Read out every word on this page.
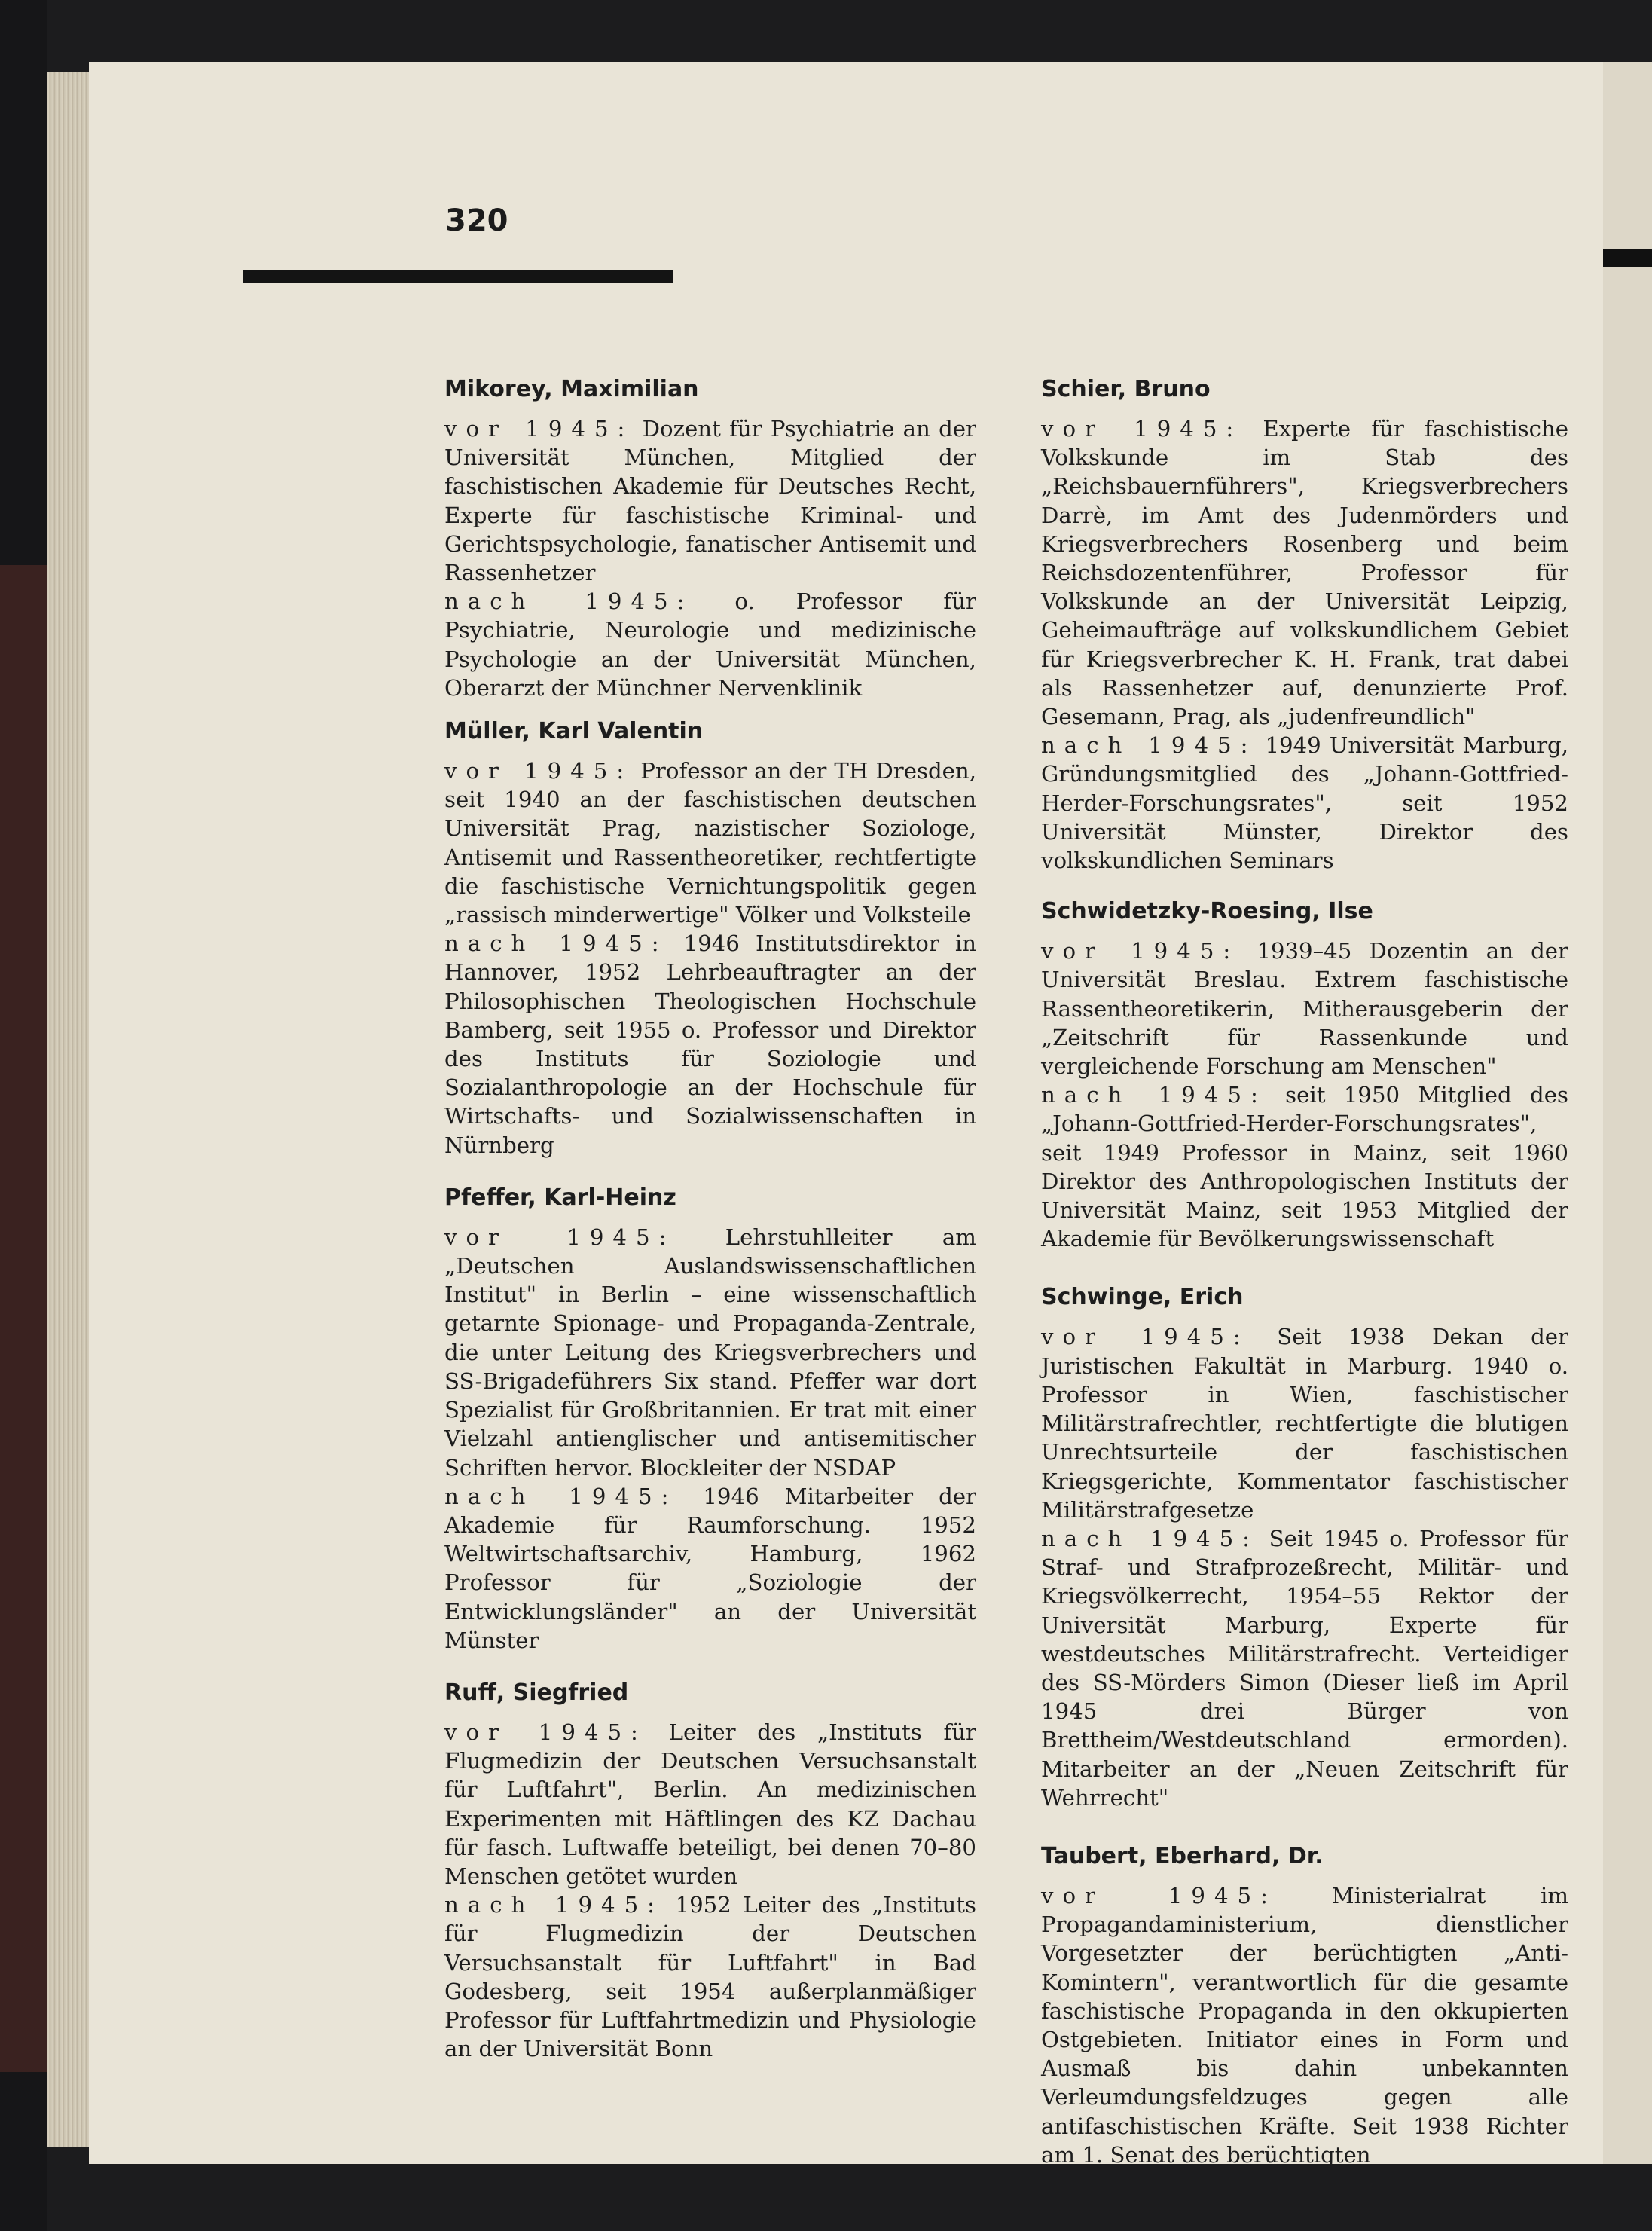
320
Mikorey, Maximilian
vor 1945: Dozent für Psychiatrie an der Universität München, Mitglied der faschistischen Akademie für Deutsches Recht, Experte für faschistische Kriminal- und Gerichtspsychologie, fanatischer Antisemit und Rassenhetzer
nach 1945: o. Professor für Psychiatrie, Neurologie und medizinische Psychologie an der Universität München, Oberarzt der Münchner Nervenklinik
Müller, Karl Valentin
vor 1945: Professor an der TH Dresden, seit 1940 an der faschistischen deutschen Universität Prag, nazistischer Soziologe, Antisemit und Rassentheoretiker, rechtfertigte die faschistische Vernichtungspolitik gegen „rassisch minderwertige" Völker und Volksteile
nach 1945: 1946 Institutsdirektor in Hannover, 1952 Lehrbeauftragter an der Philosophischen Theologischen Hochschule Bamberg, seit 1955 o. Professor und Direktor des Instituts für Soziologie und Sozialanthropologie an der Hochschule für Wirtschafts- und Sozialwissenschaften in Nürnberg
Pfeffer, Karl-Heinz
vor 1945: Lehrstuhlleiter am „Deutschen Auslandswissenschaftlichen Institut" in Berlin – eine wissenschaftlich getarnte Spionage- und Propaganda-Zentrale, die unter Leitung des Kriegsverbrechers und SS-Brigadeführers Six stand. Pfeffer war dort Spezialist für Großbritannien. Er trat mit einer Vielzahl antienglischer und antisemitischer Schriften hervor. Blockleiter der NSDAP
nach 1945: 1946 Mitarbeiter der Akademie für Raumforschung. 1952 Weltwirtschaftsarchiv, Hamburg, 1962 Professor für „Soziologie der Entwicklungsländer" an der Universität Münster
Ruff, Siegfried
vor 1945: Leiter des „Instituts für Flugmedizin der Deutschen Versuchsanstalt für Luftfahrt", Berlin. An medizinischen Experimenten mit Häftlingen des KZ Dachau für fasch. Luftwaffe beteiligt, bei denen 70–80 Menschen getötet wurden
nach 1945: 1952 Leiter des „Instituts für Flugmedizin der Deutschen Versuchsanstalt für Luftfahrt" in Bad Godesberg, seit 1954 außerplanmäßiger Professor für Luftfahrtmedizin und Physiologie an der Universität Bonn
Schier, Bruno
vor 1945: Experte für faschistische Volkskunde im Stab des „Reichsbauernführers", Kriegsverbrechers Darrè, im Amt des Judenmörders und Kriegsverbrechers Rosenberg und beim Reichsdozentenführer, Professor für Volkskunde an der Universität Leipzig, Geheimaufträge auf volkskundlichem Gebiet für Kriegsverbrecher K. H. Frank, trat dabei als Rassenhetzer auf, denunzierte Prof. Gesemann, Prag, als „judenfreundlich"
nach 1945: 1949 Universität Marburg, Gründungsmitglied des „Johann-Gottfried-Herder-Forschungsrates", seit 1952 Universität Münster, Direktor des volkskundlichen Seminars
Schwidetzky-Roesing, Ilse
vor 1945: 1939–45 Dozentin an der Universität Breslau. Extrem faschistische Rassentheoretikerin, Mitherausgeberin der „Zeitschrift für Rassenkunde und vergleichende Forschung am Menschen"
nach 1945: seit 1950 Mitglied des „Johann-Gottfried-Herder-Forschungsrates", seit 1949 Professor in Mainz, seit 1960 Direktor des Anthropologischen Instituts der Universität Mainz, seit 1953 Mitglied der Akademie für Bevölkerungswissenschaft
Schwinge, Erich
vor 1945: Seit 1938 Dekan der Juristischen Fakultät in Marburg. 1940 o. Professor in Wien, faschistischer Militärstrafrechtler, rechtfertigte die blutigen Unrechtsurteile der faschistischen Kriegsgerichte, Kommentator faschistischer Militärstrafgesetze
nach 1945: Seit 1945 o. Professor für Straf- und Strafprozeßrecht, Militär- und Kriegsvölkerrecht, 1954–55 Rektor der Universität Marburg, Experte für westdeutsches Militärstrafrecht. Verteidiger des SS-Mörders Simon (Dieser ließ im April 1945 drei Bürger von Brettheim/Westdeutschland ermorden). Mitarbeiter an der „Neuen Zeitschrift für Wehrrecht"
Taubert, Eberhard, Dr.
vor 1945: Ministerialrat im Propagandaministerium, dienstlicher Vorgesetzter der berüchtigten „Anti-Komintern", verantwortlich für die gesamte faschistische Propaganda in den okkupierten Ostgebieten. Initiator eines in Form und Ausmaß bis dahin unbekannten Verleumdungsfeldzuges gegen alle antifaschistischen Kräfte. Seit 1938 Richter am 1. Senat des berüchtigten
